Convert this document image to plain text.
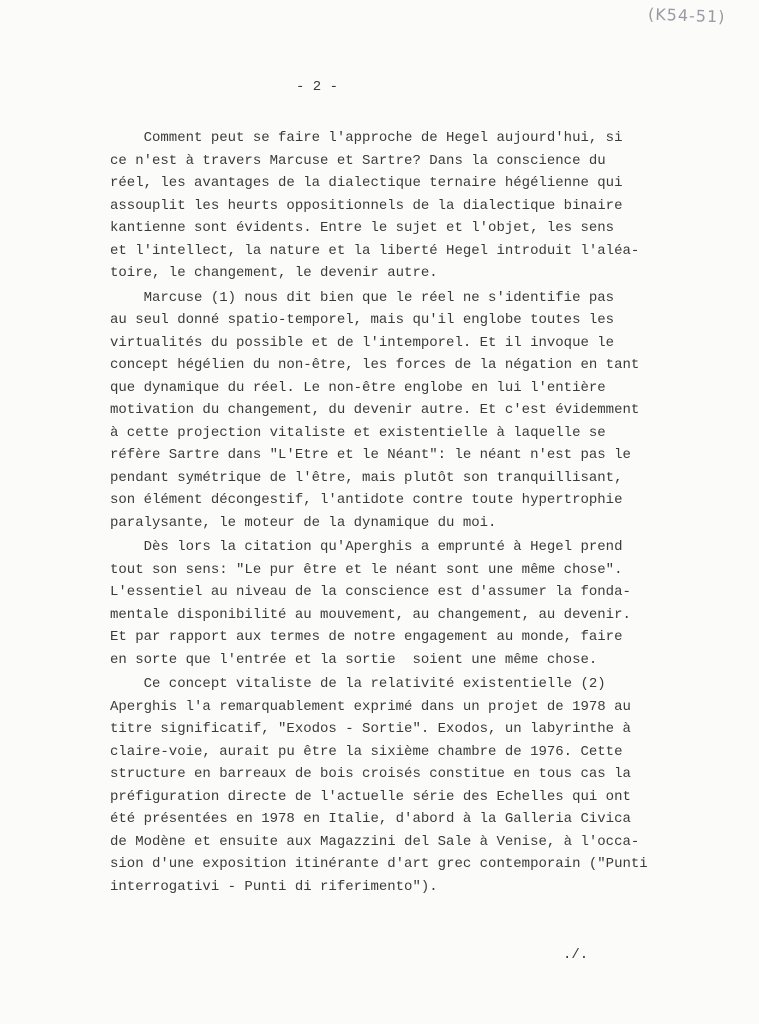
(K54-51)
- 2 -
Comment peut se faire l'approche de Hegel aujourd'hui, si
ce n'est à travers Marcuse et Sartre? Dans la conscience du
réel, les avantages de la dialectique ternaire hégélienne qui
assouplit les heurts oppositionnels de la dialectique binaire
kantienne sont évidents. Entre le sujet et l'objet, les sens
et l'intellect, la nature et la liberté Hegel introduit l'aléa-
toire, le changement, le devenir autre.
Marcuse (1) nous dit bien que le réel ne s'identifie pas
au seul donné spatio-temporel, mais qu'il englobe toutes les
virtualités du possible et de l'intemporel. Et il invoque le
concept hégélien du non-être, les forces de la négation en tant
que dynamique du réel. Le non-être englobe en lui l'entière
motivation du changement, du devenir autre. Et c'est évidemment
à cette projection vitaliste et existentielle à laquelle se
réfère Sartre dans "L'Etre et le Néant": le néant n'est pas le
pendant symétrique de l'être, mais plutôt son tranquillisant,
son élément décongestif, l'antidote contre toute hypertrophie
paralysante, le moteur de la dynamique du moi.
Dès lors la citation qu'Aperghis a emprunté à Hegel prend
tout son sens: "Le pur être et le néant sont une même chose".
L'essentiel au niveau de la conscience est d'assumer la fonda-
mentale disponibilité au mouvement, au changement, au devenir.
Et par rapport aux termes de notre engagement au monde, faire
en sorte que l'entrée et la sortie  soient une même chose.
Ce concept vitaliste de la relativité existentielle (2)
Aperghis l'a remarquablement exprimé dans un projet de 1978 au
titre significatif, "Exodos - Sortie". Exodos, un labyrinthe à
claire-voie, aurait pu être la sixième chambre de 1976. Cette
structure en barreaux de bois croisés constitue en tous cas la
préfiguration directe de l'actuelle série des Echelles qui ont
été présentées en 1978 en Italie, d'abord à la Galleria Civica
de Modène et ensuite aux Magazzini del Sale à Venise, à l'occa-
sion d'une exposition itinérante d'art grec contemporain ("Punti
interrogativi - Punti di riferimento").
./.
